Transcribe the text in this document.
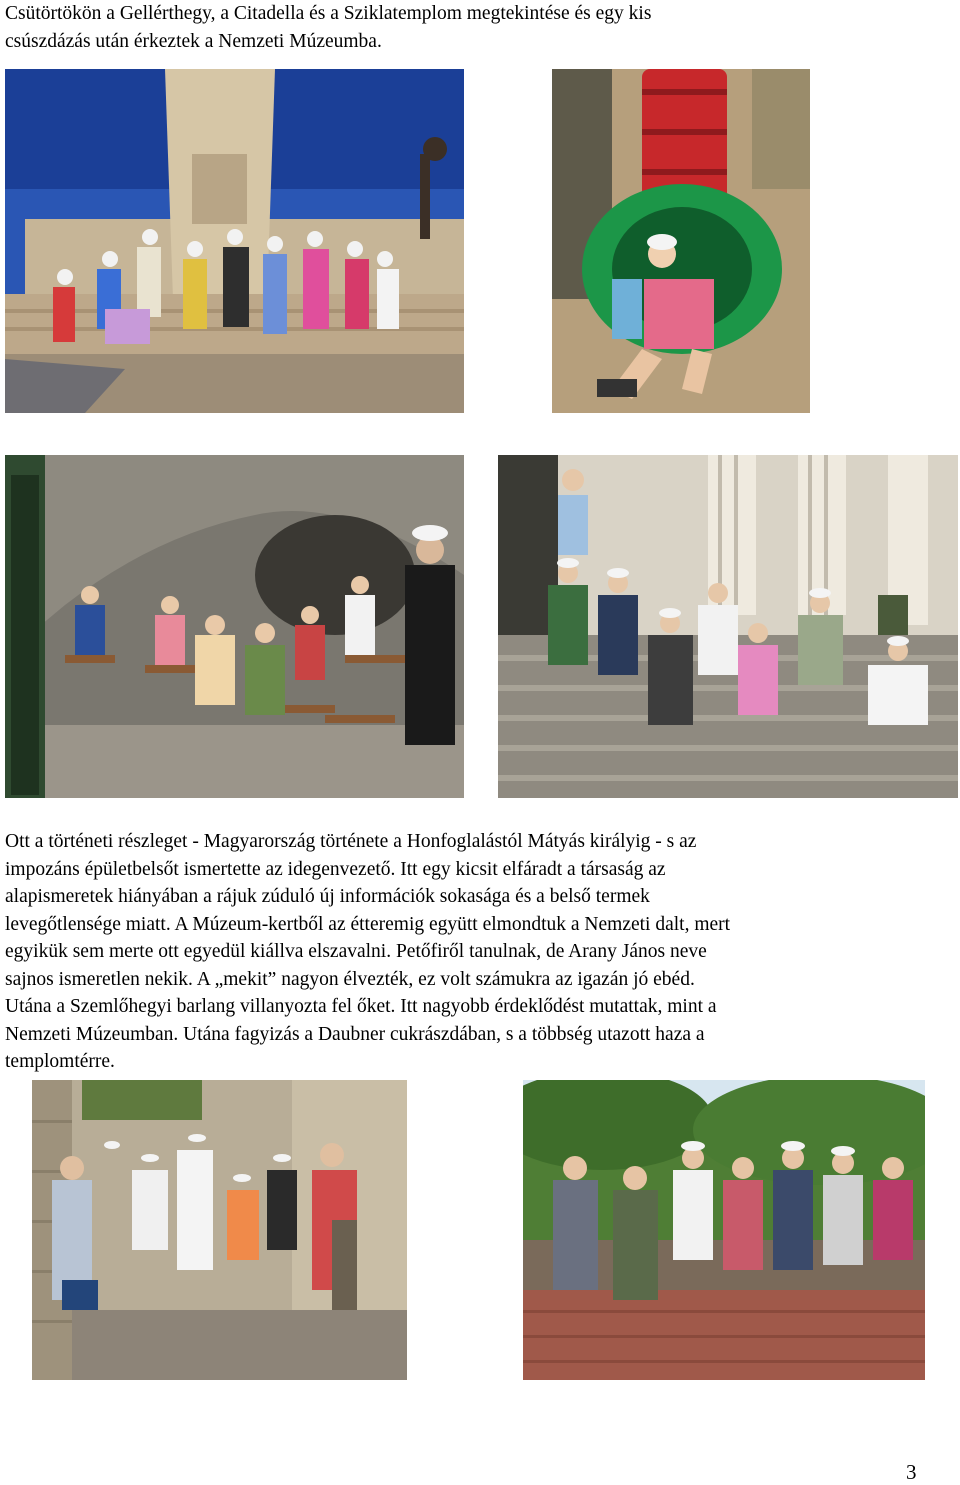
Csütörtökön a Gellérthegy, a Citadella és a Sziklatemplom megtekintése és egy kis
csúszdázás után érkeztek a Nemzeti Múzeumba.

Ott a történeti részleget - Magyarország története a Honfoglalástól Mátyás királyig - s az
impozáns épületbelsőt ismertette az idegenvezető. Itt egy kicsit elfáradt a társaság az
alapismeretek hiányában a rájuk zúduló új információk sokasága és a belső termek
levegőtlensége miatt. A Múzeum-kertből az étteremig együtt elmondtuk a Nemzeti dalt, mert
egyikük sem merte ott egyedül kiállva elszavalni. Petőfiről tanulnak, de Arany János neve
sajnos ismeretlen nekik. A „mekit” nagyon élvezték, ez volt számukra az igazán jó ebéd.
Utána a Szemlőhegyi barlang villanyozta fel őket. Itt nagyobb érdeklődést mutattak, mint a
Nemzeti Múzeumban. Utána fagyizás a Daubner cukrászdában, s a többség utazott haza a
templomtérre.

3
